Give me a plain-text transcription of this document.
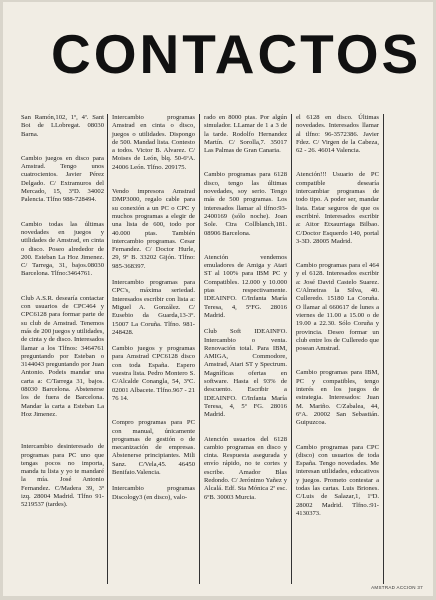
CONTACTOS

San Ramón,102, 1º, 4ª. Sant Boi de LLobregat. 08030 Barna.

Cambio juegos en disco para Amstrad. Tengo unos cuatrocientos. Javier Pérez Delgado. C/ Extramuros del Mercado, 15, 3ºD. 34002 Palencia. Tlfno 988-728494.

Cambio todas las últimas novedades en juegos y utilidades de Amstrad, en cinta o disco. Poseo alrededor de 200. Esteban La Hoz Jimenez. C/ Tarrega, 31, bajos.08030 Barcelona. Tlfno:3464761.

Club A.S.R. desearía contactar con usuarios de CPC464 y CPC6128 para formar parte de su club de Amstrad. Tenemos más de 200 juegos y utilidades, de cinta y de disco. Interesados llamar a los Tlfnos: 3464761 preguntando por Esteban o 3144043 preguntando por Juan Antonio. Podeis mandar una carta a: C/Tarrega 31, bajos. 08030 Barcelona. Abstenerse los de fuera de Barcelona. Mandar la carta a Esteban La Hoz Jimenez.

Intercambio desinteresado de programas para PC uno que tengas pocos no importa, manda tu lista y yo te mandaré la mía. José Antonio Fernandez. C/Madera 39, 3º izq. 28004 Madrid. Tlfno 91-5219537 (tardes).

Intercambio programas Amstrad en cinta o disco, juegos o utilidades. Dispongo de 500. Mandad lista. Contesto a todos. Victor B. Alvarez. C/ Moises de León, blq. 50-6ºA. 24006 León. Tlfno. 209175.

Vendo impresora Amstrad DMP3000, regalo cable para su conexión a un PC o CPC y muchos programas a elegir de una lista de 600, todo por 40.000 ptas. También intercambio programas. Cesar Fernandez. C/ Doctor Hurle, 29, 9º B. 33202 Gijón. Tlfno: 985-368397.

Intercambio programas para CPC's, máxima seriedad. Interesados escribir con lista a: Miguel A. González. C/ Eusebio da Guarda,13-3º. 15007 La Coruña. Tlfno. 981-248428.

Cambio juegos y programas para Amstrad CPC6128 disco con toda España. Espero vuestra lista. Pedro Montero S. C/Alcalde Conangla, 54, 3ºC. 02001 Albacete. Tlfno.967 - 21 76 14.

Compro programas para PC con manual, únicamente programas de gestión o de mecanización de empresas. Abstenerse principiantes. Mili Sanz. C/Vela,45. 46450 Benifaio.Valencia.

Intercambio programas Discology3 (en disco), valo-

rado en 8000 ptas. Por algún simulador. LLamar de 1 a 3 de la tarde. Rodolfo Hernandez Martín. C/ Sorolla,7. 35017 Las Palmas de Gran Canaria.

Cambio programas para 6128 disco, tengo las últimas novedades, soy serio. Tengo más de 500 programas. Los interesados llamar al tlfno:93-2400169 (sólo noche). Joan Sole. Ctra Collblanch,181. 08906 Barcelona.

Atención vendemos emuladores de Amiga y Atari ST al 100% para IBM PC y Compatibles. 12.000 y 10.000 ptas respectivamente. IDEAINFO. C/Infanta María Teresa, 4, 5ºFG. 28016 Madrid.

Club Soft IDEAINFO. Intercambio o venta. Renovación total. Para IBM, AMIGA, Commodore, Amstrad, Atari ST y Spectrum. Magníficas ofertas en software. Hasta el 93% de descuento. Escribir a IDEAINFO. C/Infanta María Teresa, 4, 5º FG. 28016 Madrid.

Atención usuarios del 6128 cambio programas en disco y cinta. Respuesta asegurada y envío rápido, no te cortes y escribe. Amador Blas Redondo. C/ Jerónimo Yañez y Alcalá. Edf. Sta Mónica 2ª esc. 6ºB. 30003 Murcia.

el 6128 en disco. Últimas novedades. Interesados llamar al tlfno: 96-3572386. Javier Fdez. C/ Virgen de la Cabeza, 62 - 26. 46014 Valencia.

Atención!!! Usuario de PC compatible desearía intercambiar programas de todo tipo. A poder ser, mandar lista. Estar seguros de que os escribiré. Interesados escribir a: Aitor Etxaurriaga Bilbao. C/Doctor Esquerdo 140, portal 3-3D. 28005 Madrid.

Cambio programas para el 464 y el 6128. Interesados escribir a: José David Castelo Suarez. C/Almeiras la Silva, 40. Culleredo. 15180 La Coruña. O llamar al 660617 de lunes a viernes de 11.00 a 15.00 o de 19.00 a 22.30. Sólo Coruña y provincia. Deseo formar un club entre los de Culleredo que posean Amstrad.

Cambio programas para IBM, PC y compatibles, tengo interés en los juegos de estrategia. Interesados: Juan M. Mariño. C/Zabalea, 44, 6ºA. 20002 San Sebastián. Guipuzcoa.

Cambio programas para CPC (disco) con usuarios de toda España. Tengo novedades. Me interesan utilidades, educativos y juegos. Prometo contestar a todas las cartas. Luis Briones. C/Luis de Salazar,1, 1ºD. 28002 Madrid. Tlfno.:91-4130373.

AMSTRAD ACCION 37
